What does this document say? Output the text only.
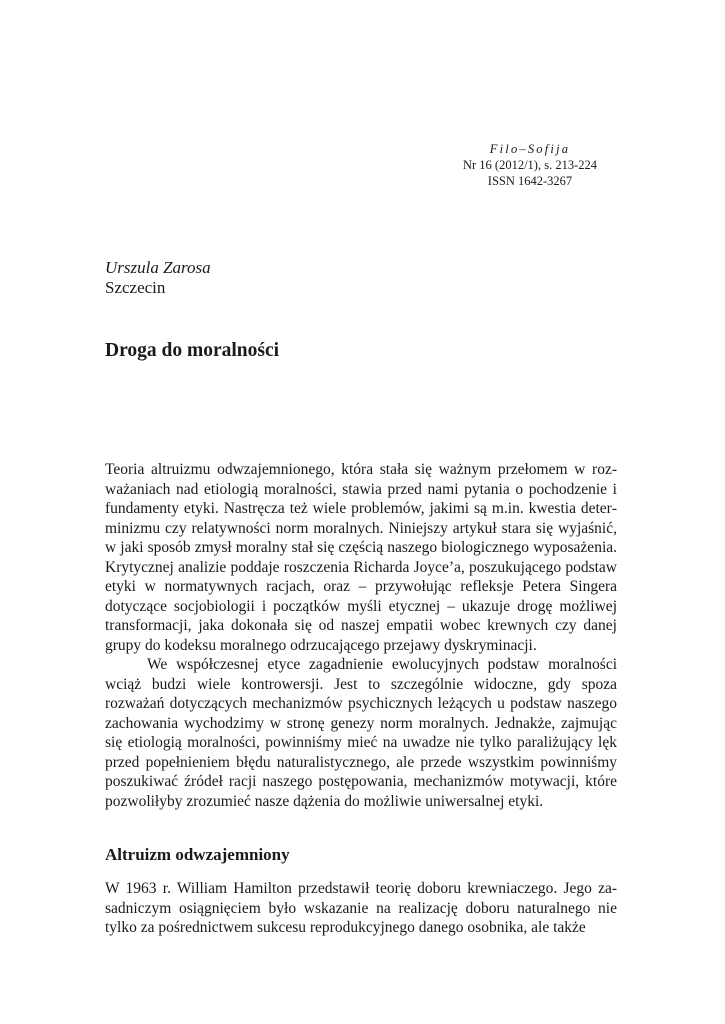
Filo–Sofija
Nr 16 (2012/1), s. 213-224
ISSN 1642-3267
Urszula Zarosa
Szczecin
Droga do moralności

Teoria altruizmu odwzajemnionego, która stała się ważnym przełomem w rozważaniach nad etiologią moralności, stawia przed nami pytania o pochodzenie i fundamenty etyki. Nastręcza też wiele problemów, jakimi są m.in. kwestia determinizmu czy relatywności norm moralnych. Niniejszy artykuł stara się wyjaśnić, w jaki sposób zmysł moralny stał się częścią naszego biologicznego wyposażenia. Krytycznej analizie poddaje roszczenia Richarda Joyce’a, poszukującego podstaw etyki w normatywnych racjach, oraz – przywołując refleksje Petera Singera dotyczące socjobiologii i początków myśli etycznej – ukazuje drogę możliwej transformacji, jaka dokonała się od naszej empatii wobec krewnych czy danej grupy do kodeksu moralnego odrzucającego przejawy dyskryminacji.

We współczesnej etyce zagadnienie ewolucyjnych podstaw moralności wciąż budzi wiele kontrowersji. Jest to szczególnie widoczne, gdy spoza rozważań dotyczących mechanizmów psychicznych leżących u podstaw naszego zachowania wychodzimy w stronę genezy norm moralnych. Jednakże, zajmując się etiologią moralności, powinniśmy mieć na uwadze nie tylko paraliżujący lęk przed popełnieniem błędu naturalistycznego, ale przede wszystkim powinniśmy poszukiwać źródeł racji naszego postępowania, mechanizmów motywacji, które pozwoliłyby zrozumieć nasze dążenia do możliwie uniwersalnej etyki.

Altruizm odwzajemniony

W 1963 r. William Hamilton przedstawił teorię doboru krewniaczego. Jego zasadniczym osiągnięciem było wskazanie na realizację doboru naturalnego nie tylko za pośrednictwem sukcesu reprodukcyjnego danego osobnika, ale także
